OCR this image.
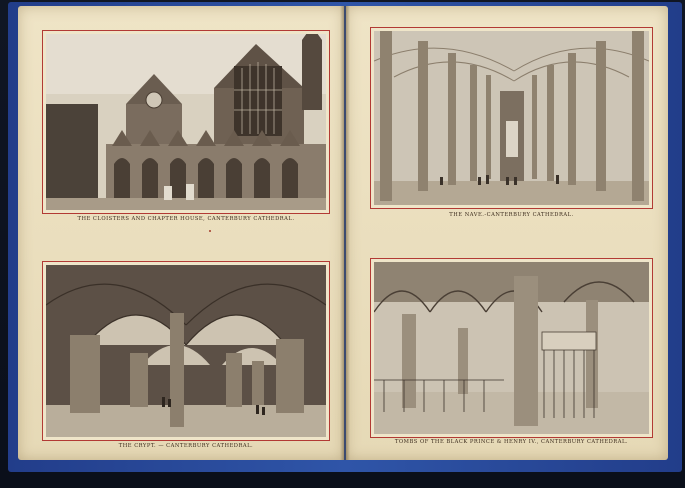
THE CLOISTERS AND CHAPTER HOUSE, CANTERBURY CATHEDRAL.
THE NAVE.-CANTERBURY CATHEDRAL.
THE CRYPT. — CANTERBURY CATHEDRAL.
TOMBS OF THE BLACK PRINCE & HENRY IV., CANTERBURY CATHEDRAL.
